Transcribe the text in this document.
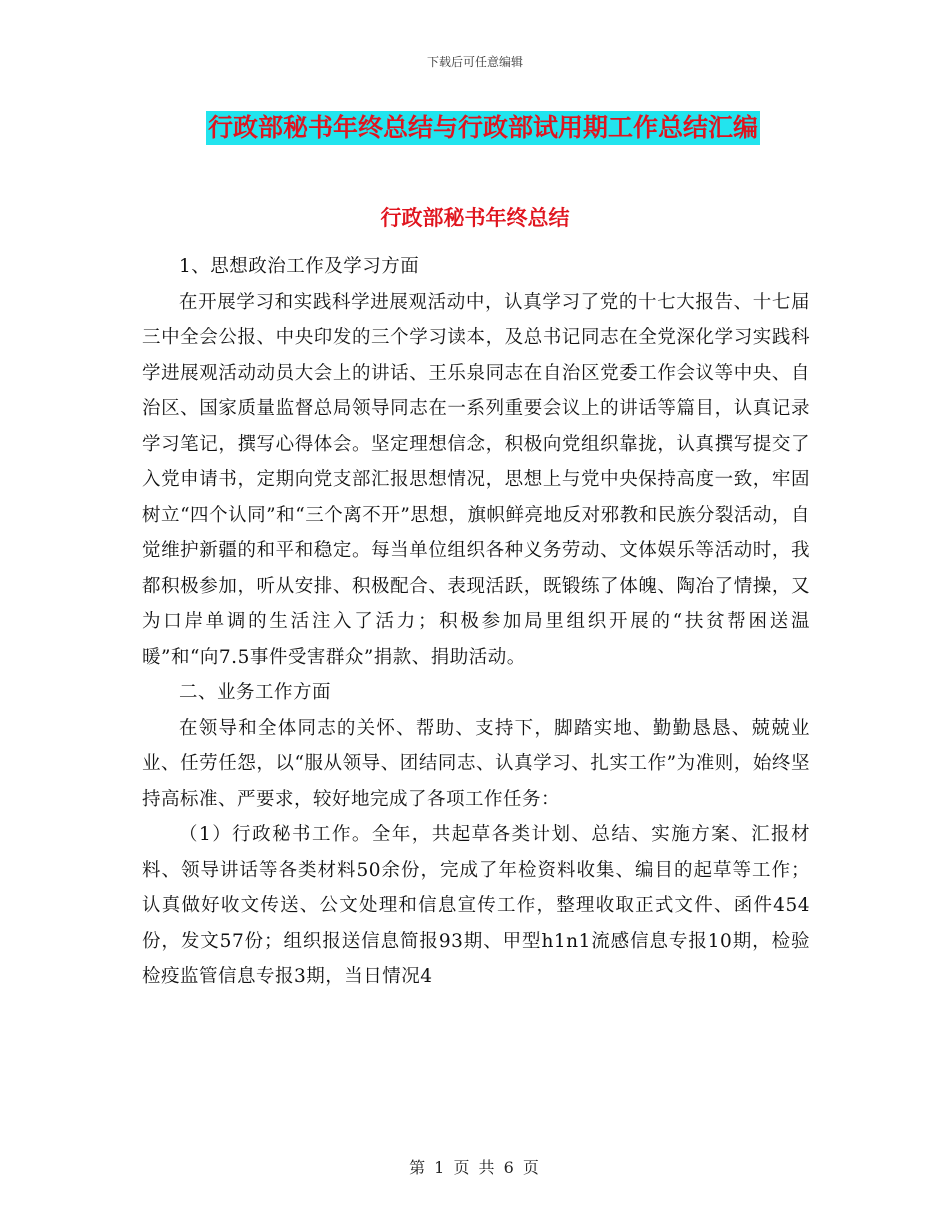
下载后可任意编辑
行政部秘书年终总结与行政部试用期工作总结汇编
行政部秘书年终总结

1、思想政治工作及学习方面

在开展学习和实践科学进展观活动中，认真学习了党的十七大报告、十七届三中全会公报、中央印发的三个学习读本，及总书记同志在全党深化学习实践科学进展观活动动员大会上的讲话、王乐泉同志在自治区党委工作会议等中央、自治区、国家质量监督总局领导同志在一系列重要会议上的讲话等篇目，认真记录学习笔记，撰写心得体会。坚定理想信念，积极向党组织靠拢，认真撰写提交了入党申请书，定期向党支部汇报思想情况，思想上与党中央保持高度一致，牢固树立“四个认同”和“三个离不开”思想，旗帜鲜亮地反对邪教和民族分裂活动，自觉维护新疆的和平和稳定。每当单位组织各种义务劳动、文体娱乐等活动时，我都积极参加，听从安排、积极配合、表现活跃，既锻练了体魄、陶冶了情操，又为口岸单调的生活注入了活力；积极参加局里组织开展的“扶贫帮困送温暖”和“向7.5事件受害群众”捐款、捐助活动。

二、业务工作方面

在领导和全体同志的关怀、帮助、支持下，脚踏实地、勤勤恳恳、兢兢业业、任劳任怨，以“服从领导、团结同志、认真学习、扎实工作”为准则，始终坚持高标准、严要求，较好地完成了各项工作任务：

（1）行政秘书工作。全年，共起草各类计划、总结、实施方案、汇报材料、领导讲话等各类材料50余份，完成了年检资料收集、编目的起草等工作；认真做好收文传送、公文处理和信息宣传工作，整理收取正式文件、函件454份，发文57份；组织报送信息简报93期、甲型h1n1流感信息专报10期，检验检疫监管信息专报3期，当日情况4

第 1 页 共 6 页
